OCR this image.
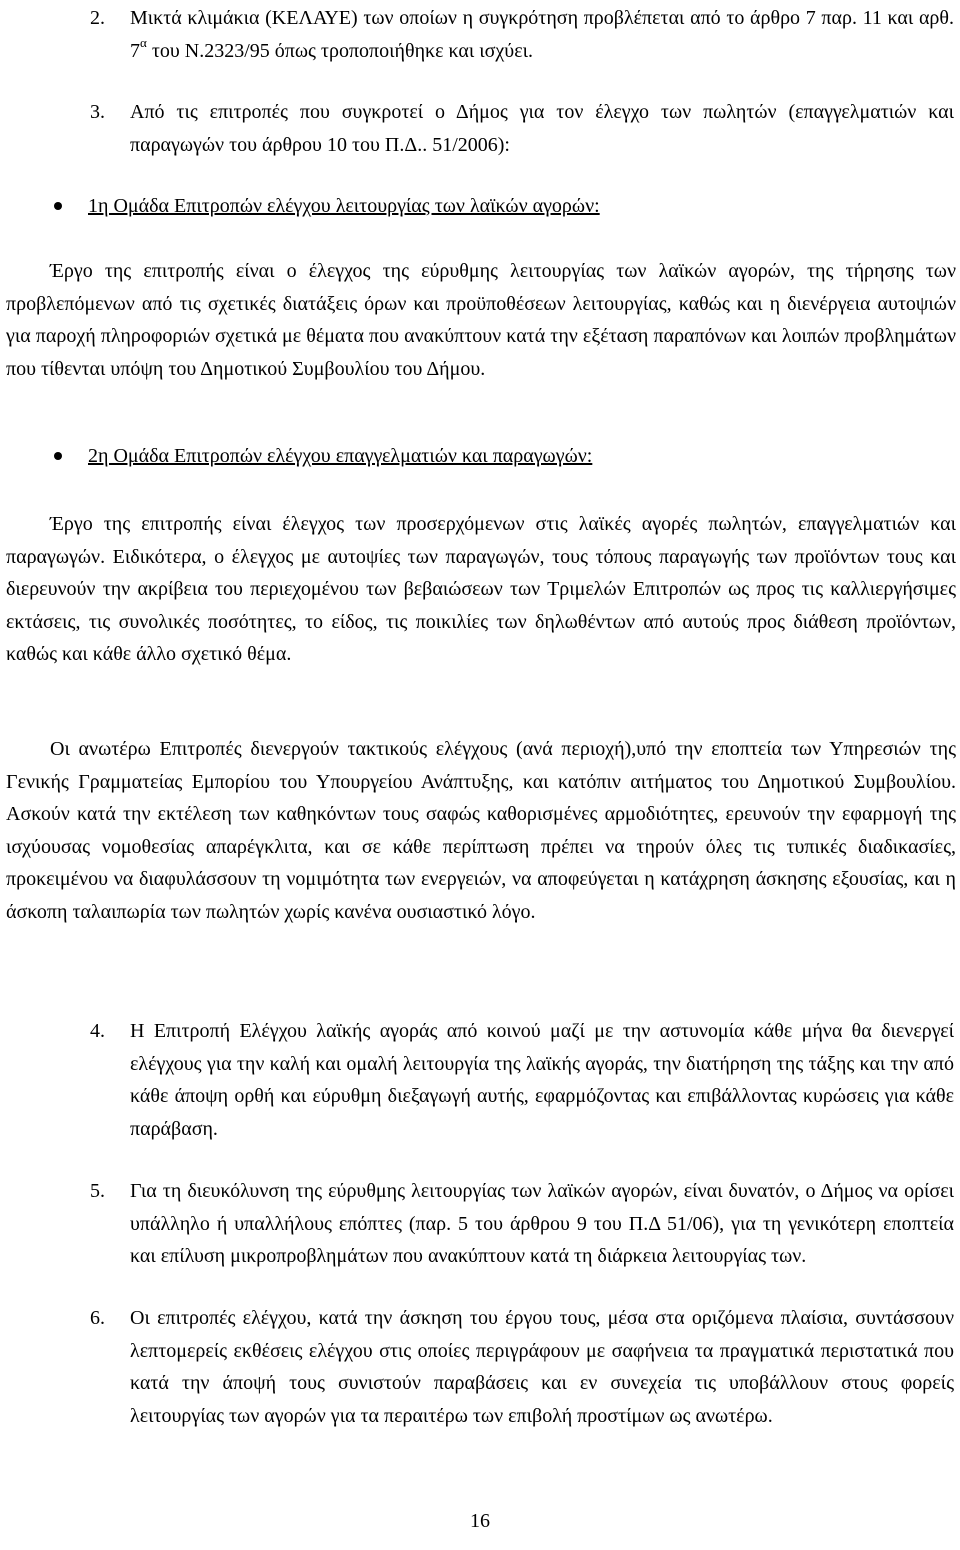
2. Μικτά κλιμάκια (ΚΕΛΑΥΕ) των οποίων η συγκρότηση προβλέπεται από το άρθρο 7 παρ. 11 και αρθ. $7^\alpha$ του Ν.2323/95 όπως τροποποιήθηκε και ισχύει.

3. Από τις επιτροπές που συγκροτεί ο Δήμος για τον έλεγχο των πωλητών (επαγγελματιών και παραγωγών του άρθρου 10 του Π.Δ.. 51/2006):

1η Ομάδα Επιτροπών ελέγχου λειτουργίας των λαϊκών αγορών:

Έργο της επιτροπής είναι ο έλεγχος της εύρυθμης λειτουργίας των λαϊκών αγορών, της τήρησης των προβλεπόμενων από τις σχετικές διατάξεις όρων και προϋποθέσεων λειτουργίας, καθώς και η διενέργεια αυτοψιών για παροχή πληροφοριών σχετικά με θέματα που ανακύπτουν κατά την εξέταση παραπόνων και λοιπών προβλημάτων που τίθενται υπόψη του Δημοτικού Συμβουλίου του Δήμου.

2η Ομάδα Επιτροπών ελέγχου επαγγελματιών και παραγωγών:

Έργο της επιτροπής είναι έλεγχος των προσερχόμενων στις λαϊκές αγορές πωλητών, επαγγελματιών και παραγωγών. Ειδικότερα, ο έλεγχος με αυτοψίες των παραγωγών, τους τόπους παραγωγής των προϊόντων τους και διερευνούν την ακρίβεια του περιεχομένου των βεβαιώσεων των Τριμελών Επιτροπών ως προς τις καλλιεργήσιμες εκτάσεις, τις συνολικές ποσότητες, το είδος, τις ποικιλίες των δηλωθέντων από αυτούς προς διάθεση προϊόντων, καθώς και κάθε άλλο σχετικό θέμα.

Οι ανωτέρω Επιτροπές διενεργούν τακτικούς ελέγχους (ανά περιοχή),υπό την εποπτεία των Υπηρεσιών της Γενικής Γραμματείας Εμπορίου του Υπουργείου Ανάπτυξης, και κατόπιν αιτήματος του Δημοτικού Συμβουλίου. Ασκούν κατά την εκτέλεση των καθηκόντων τους σαφώς καθορισμένες αρμοδιότητες, ερευνούν την εφαρμογή της ισχύουσας νομοθεσίας απαρέγκλιτα, και σε κάθε περίπτωση πρέπει να τηρούν όλες τις τυπικές διαδικασίες, προκειμένου να διαφυλάσσουν τη νομιμότητα των ενεργειών, να αποφεύγεται η κατάχρηση άσκησης εξουσίας, και η άσκοπη ταλαιπωρία των πωλητών χωρίς κανένα ουσιαστικό λόγο.

4. Η Επιτροπή Ελέγχου λαϊκής αγοράς από κοινού μαζί με την αστυνομία κάθε μήνα θα διενεργεί ελέγχους για την καλή και ομαλή λειτουργία της λαϊκής αγοράς, την διατήρηση της τάξης και την από κάθε άποψη ορθή και εύρυθμη διεξαγωγή αυτής, εφαρμόζοντας και επιβάλλοντας κυρώσεις για κάθε παράβαση.

5. Για τη διευκόλυνση της εύρυθμης λειτουργίας των λαϊκών αγορών, είναι δυνατόν, ο Δήμος να ορίσει υπάλληλο ή υπαλλήλους επόπτες (παρ. 5 του άρθρου 9 του Π.Δ 51/06), για τη γενικότερη εποπτεία και επίλυση μικροπροβλημάτων που ανακύπτουν κατά τη διάρκεια λειτουργίας των.

6. Οι επιτροπές ελέγχου, κατά την άσκηση του έργου τους, μέσα στα οριζόμενα πλαίσια, συντάσσουν λεπτομερείς εκθέσεις ελέγχου στις οποίες περιγράφουν με σαφήνεια τα πραγματικά περιστατικά που κατά την άποψή τους συνιστούν παραβάσεις και εν συνεχεία τις υποβάλλουν στους φορείς λειτουργίας των αγορών για τα περαιτέρω των επιβολή προστίμων ως ανωτέρω.

16
